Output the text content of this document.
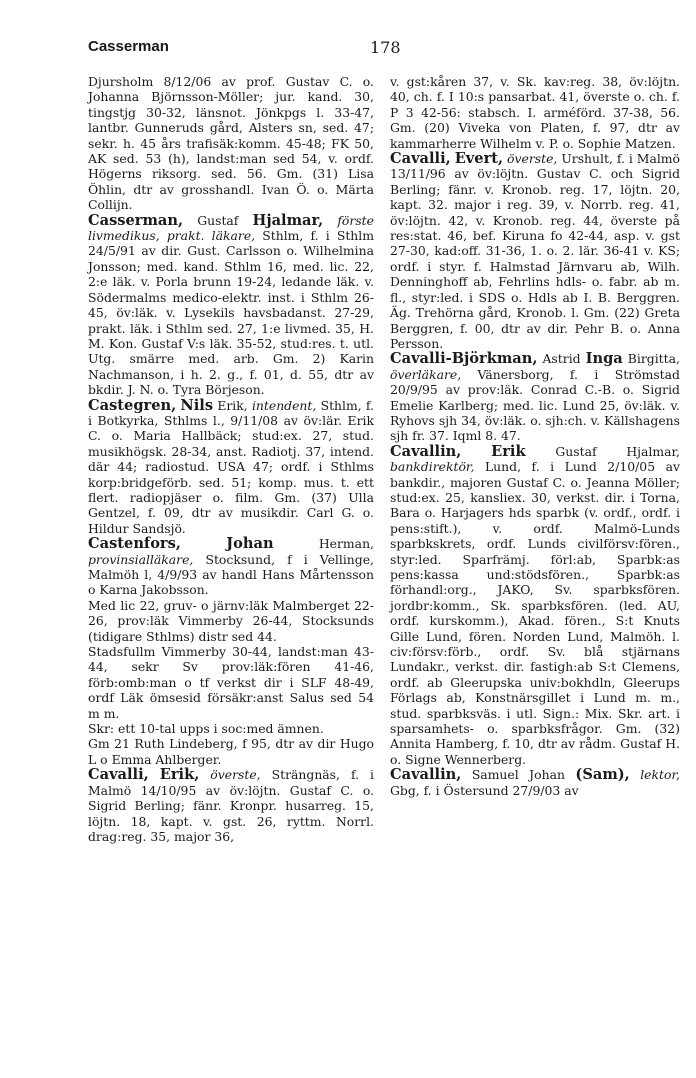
Casserman	178

Djursholm 8/12/06 av prof. Gustav C. o. Johanna Björnsson-Möller; jur. kand. 30, tingstjg 30-32, länsnot. Jönkpgs l. 33-47, lantbr. Gunneruds gård, Alsters sn, sed. 47; sekr. h. 45 års trafisäk:komm. 45-48; FK 50, AK sed. 53 (h), landst:man sed 54, v. ordf. Högerns riksorg. sed. 56. Gm. (31) Lisa Öhlin, dtr av grosshandl. Ivan Ö. o. Märta Collijn.

Casserman, Gustaf Hjalmar, förste livmedikus, prakt. läkare, Sthlm, f. i Sthlm 24/5/91 av dir. Gust. Carlsson o. Wilhelmina Jonsson; med. kand. Sthlm 16, med. lic. 22, 2:e läk. v. Porla brunn 19-24, ledande läk. v. Södermalms medico-elektr. inst. i Sthlm 26-45, öv:läk. v. Lysekils havsbadanst. 27-29, prakt. läk. i Sthlm sed. 27, 1:e livmed. 35, H. M. Kon. Gustaf V:s läk. 35-52, stud:res. t. utl. Utg. smärre med. arb. Gm. 2) Karin Nachmanson, i h. 2. g., f. 01, d. 55, dtr av bkdir. J. N. o. Tyra Börjeson.

Castegren, Nils Erik, intendent, Sthlm, f. i Botkyrka, Sthlms l., 9/11/08 av öv:lär. Erik C. o. Maria Hallbäck; stud:ex. 27, stud. musikhögsk. 28-34, anst. Radiotj. 37, intend. där 44; radiostud. USA 47; ordf. i Sthlms korp:bridgeförb. sed. 51; komp. mus. t. ett flert. radiopjäser o. film. Gm. (37) Ulla Gentzel, f. 09, dtr av musikdir. Carl G. o. Hildur Sandsjö.

Castenfors,	Johan	Herman, provinsialläkare, Stocksund, f i Vellinge, Malmöh l, 4/9/93 av handl Hans Mårtensson o Karna Jakobsson.

Med lic 22, gruv- o järnv:läk Malmberget 22-26, prov:läk Vimmerby 26-44, Stocksunds (tidigare Sthlms) distr sed 44.

Stadsfullm Vimmerby 30-44, landst:man 43-44, sekr Sv prov:läk:fören 41-46, förb:omb:man o tf verkst dir i SLF 48-49, ordf Läk ömsesid försäkr:anst Salus sed 54 m m.

Skr: ett 10-tal upps i soc:med ämnen.

Gm 21 Ruth Lindeberg, f 95, dtr av dir Hugo L o Emma Ahlberger.

Cavalli, Erik, överste, Strängnäs, f. i Malmö 14/10/95 av öv:löjtn. Gustaf C. o. Sigrid Berling; fänr. Kronpr. husarreg. 15, löjtn. 18, kapt. v. gst. 26, ryttm. Norrl. drag:reg. 35, major 36,

v. gst:kåren 37, v. Sk. kav:reg. 38, öv:löjtn. 40, ch. f. I 10:s pansarbat. 41, överste o. ch. f. P 3 42-56: stabsch. I. arméförd. 37-38, 56. Gm. (20) Viveka von Platen, f. 97, dtr av kammarherre Wilhelm v. P. o. Sophie Matzen.

Cavalli, Evert, överste, Urshult, f. i Malmö 13/11/96 av öv:löjtn. Gustav C. och Sigrid Berling; fänr. v. Kronob. reg. 17, löjtn. 20, kapt. 32. major i reg. 39, v. Norrb. reg. 41, öv:löjtn. 42, v. Kronob. reg. 44, överste på res:stat. 46, bef. Kiruna fo 42-44, asp. v. gst 27-30, kad:off. 31-36, 1. o. 2. lär. 36-41 v. KS; ordf. i styr. f. Halmstad Järnvaru ab, Wilh. Denninghoff ab, Fehrlins hdls- o. fabr. ab m. fl., styr:led. i SDS o. Hdls ab I. B. Berggren. Äg. Trehörna gård, Kronob. l. Gm. (22) Greta Berggren, f. 00, dtr av dir. Pehr B. o. Anna Persson.

Cavalli-Björkman, Astrid Inga Birgitta, överläkare, Vänersborg, f. i Strömstad 20/9/95 av prov:läk. Conrad C.-B. o. Sigrid Emelie Karlberg; med. lic. Lund 25, öv:läk. v. Ryhovs sjh 34, öv:läk. o. sjh:ch. v. Källshagens sjh fr. 37. Iqml 8. 47.

Cavallin, Erik Gustaf Hjalmar, bankdirektör, Lund, f. i Lund 2/10/05 av bankdir., majoren Gustaf C. o. Jeanna Möller; stud:ex. 25, kansliex. 30, verkst. dir. i Torna, Bara o. Harjagers hds sparbk (v. ordf., ordf. i pens:stift.), v. ordf. Malmö-Lunds sparbkskrets, ordf. Lunds civilförsv:fören., styr:led. Sparfrämj. förl:ab, Sparbk:as pens:kassa und:stödsfören., Sparbk:as förhandl:org., JAKO, Sv. sparbksfören. jordbr:komm., Sk. sparbksfören. (led. AU, ordf. kurskomm.), Akad. fören., S:t Knuts Gille Lund, fören. Norden Lund, Malmöh. l. civ:försv:förb., ordf. Sv. blå stjärnans Lundakr., verkst. dir. fastigh:ab S:t Clemens, ordf. ab Gleerupska univ:bokhdln, Gleerups Förlags ab, Konstnärsgillet i Lund m. m., stud. sparbksväs. i utl. Sign.: Mix. Skr. art. i sparsamhets- o. sparbksfrågor. Gm. (32) Annita Hamberg, f. 10, dtr av rådm. Gustaf H. o. Signe Wennerberg.

Cavallin, Samuel Johan (Sam), lektor, Gbg, f. i Östersund 27/9/03 av
